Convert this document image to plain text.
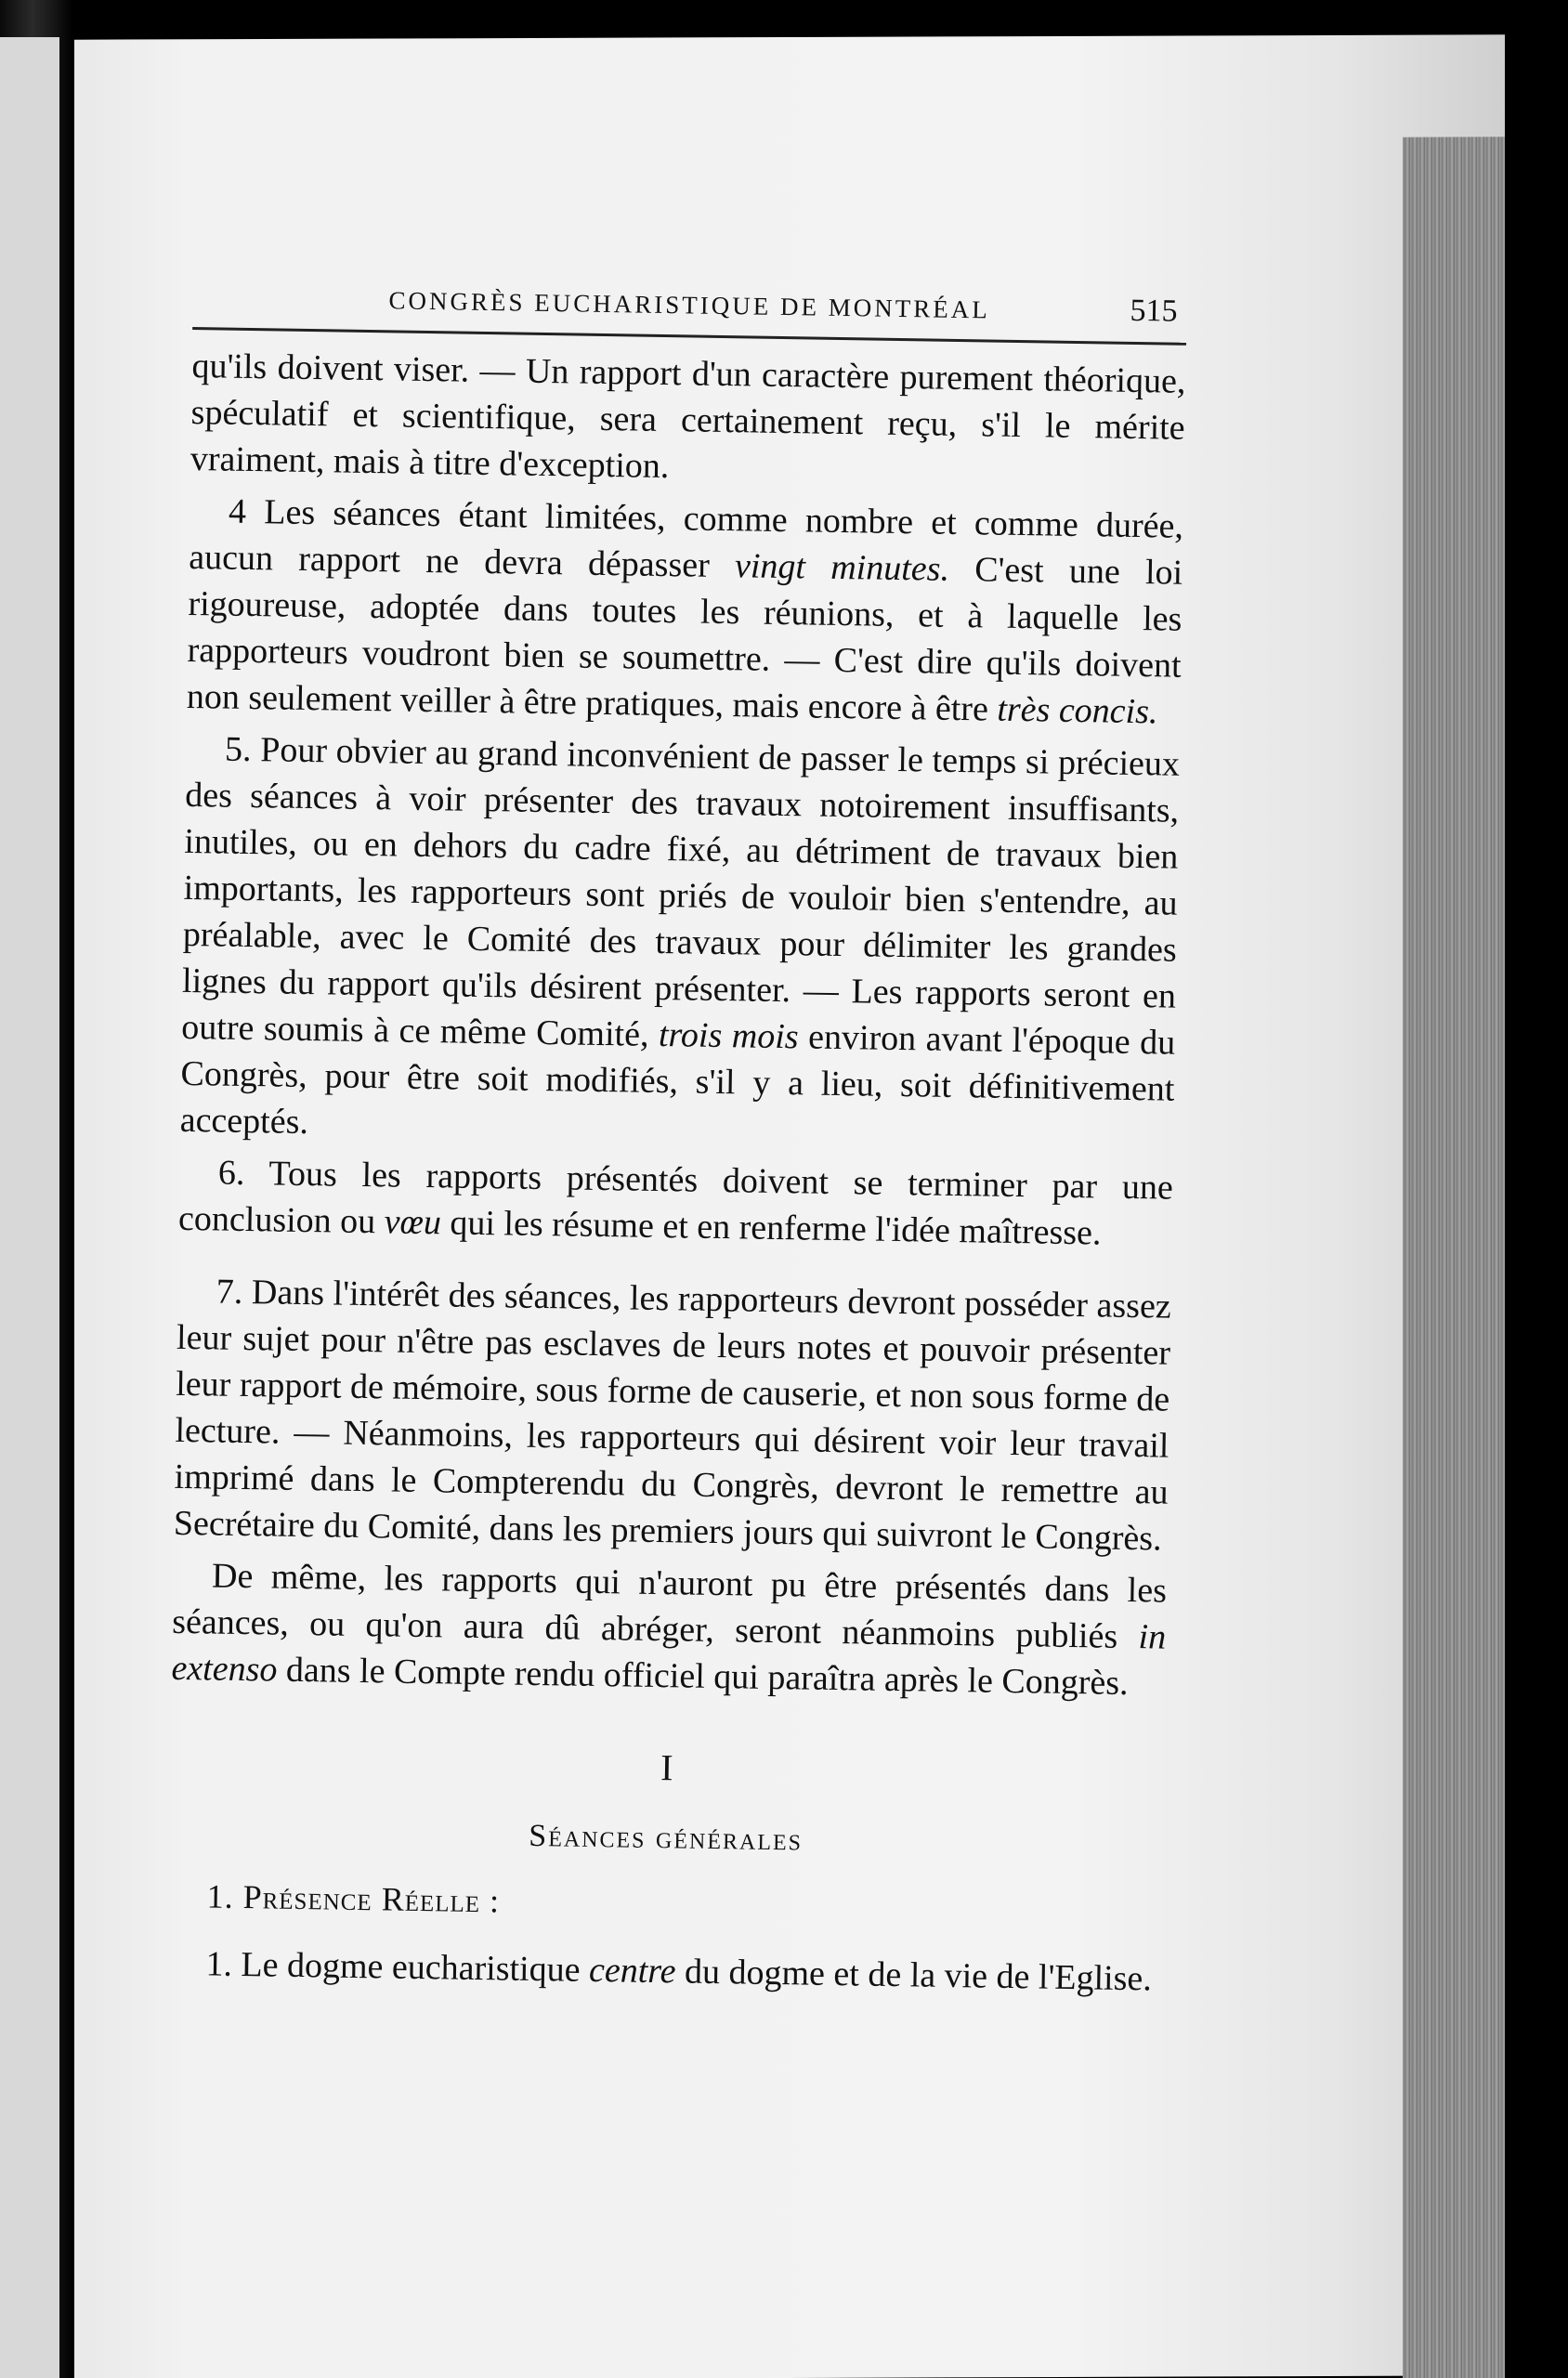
CONGRÈS EUCHARISTIQUE DE MONTRÉAL	515

qu'ils doivent viser. — Un rapport d'un caractère purement théorique, spéculatif et scientifique, sera certainement reçu, s'il le mérite vraiment, mais à titre d'exception.

4 Les séances étant limitées, comme nombre et comme durée, aucun rapport ne devra dépasser vingt minutes. C'est une loi rigoureuse, adoptée dans toutes les réunions, et à laquelle les rapporteurs voudront bien se soumettre. — C'est dire qu'ils doivent non seulement veiller à être pratiques, mais encore à être très concis.

5. Pour obvier au grand inconvénient de passer le temps si précieux des séances à voir présenter des travaux notoirement insuffisants, inutiles, ou en dehors du cadre fixé, au détriment de travaux bien importants, les rapporteurs sont priés de vouloir bien s'entendre, au préalable, avec le Comité des travaux pour délimiter les grandes lignes du rapport qu'ils désirent présenter. — Les rapports seront en outre soumis à ce même Comité, trois mois environ avant l'époque du Congrès, pour être soit modifiés, s'il y a lieu, soit définitivement acceptés.

6. Tous les rapports présentés doivent se terminer par une conclusion ou vœu qui les résume et en renferme l'idée maîtresse.

7. Dans l'intérêt des séances, les rapporteurs devront posséder assez leur sujet pour n'être pas esclaves de leurs notes et pouvoir présenter leur rapport de mémoire, sous forme de causerie, et non sous forme de lecture. — Néanmoins, les rapporteurs qui désirent voir leur travail imprimé dans le Compterendu du Congrès, devront le remettre au Secrétaire du Comité, dans les premiers jours qui suivront le Congrès.

De même, les rapports qui n'auront pu être présentés dans les séances, ou qu'on aura dû abréger, seront néanmoins publiés in extenso dans le Compte rendu officiel qui paraîtra après le Congrès.

I
Séances générales
1. Présence Réelle :

1. Le dogme eucharistique centre du dogme et de la vie de l'Eglise.
